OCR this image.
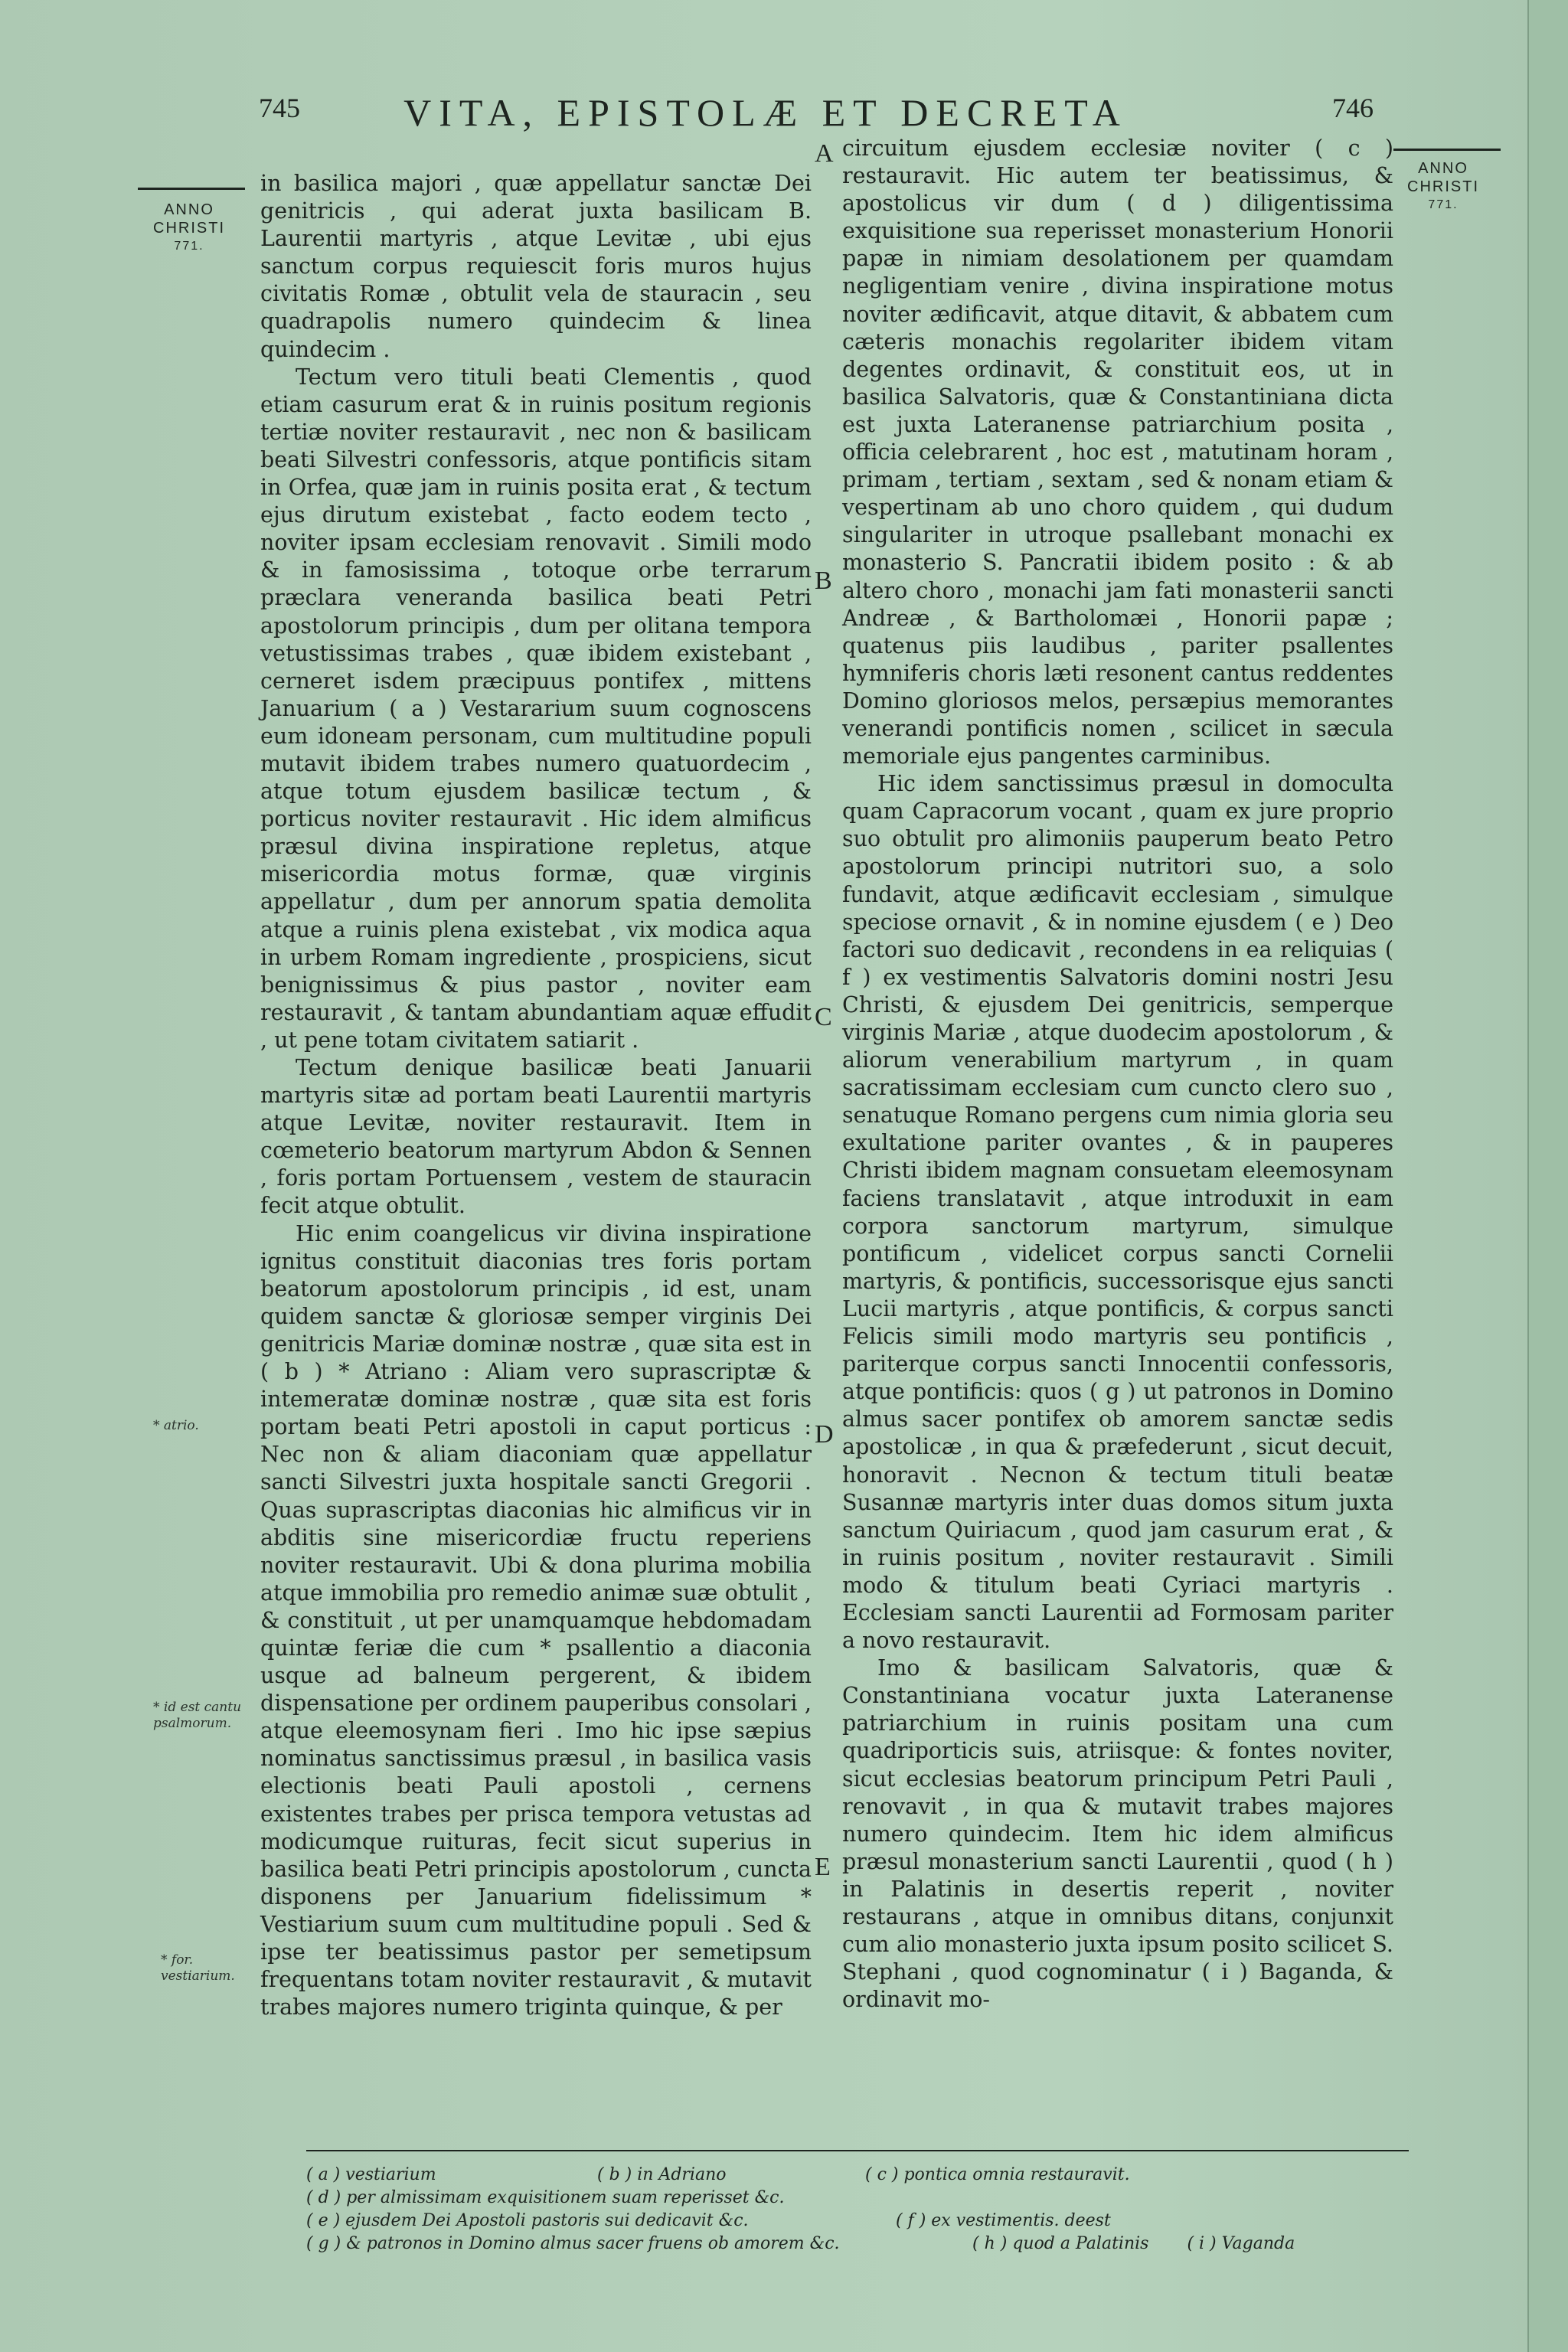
745	VITA, EPISTOLÆ ET DECRETA	746
ANNO
CHRISTI
771.
ANNO
CHRISTI
771.

in basilica majori , quæ appellatur sanctæ Dei genitricis , qui aderat juxta basilicam B. Laurentii martyris , atque Levitæ , ubi ejus sanctum corpus requiescit foris muros hujus civitatis Romæ , obtulit vela de stauracin , seu quadrapolis numero quindecim & linea quindecim .

Tectum vero tituli beati Clementis , quod etiam casurum erat & in ruinis positum regionis tertiæ noviter restauravit , nec non & basilicam beati Silvestri confessoris, atque pontificis sitam in Orfea, quæ jam in ruinis posita erat , & tectum ejus dirutum existebat , facto eodem tecto , noviter ipsam ecclesiam renovavit . Simili modo & in famosissima , totoque orbe terrarum præclara veneranda basilica beati Petri apostolorum principis , dum per olitana tempora vetustissimas trabes , quæ ibidem existebant , cerneret isdem præcipuus pontifex , mittens Januarium ( a ) Vestararium suum cognoscens eum idoneam personam, cum multitudine populi mutavit ibidem trabes numero quatuordecim , atque totum ejusdem basilicæ tectum , & porticus noviter restauravit . Hic idem almificus præsul divina inspiratione repletus, atque misericordia motus formæ, quæ virginis appellatur , dum per annorum spatia demolita atque a ruinis plena existebat , vix modica aqua in urbem Romam ingrediente , prospiciens, sicut benignissimus & pius pastor , noviter eam restauravit , & tantam abundantiam aquæ effudit , ut pene totam civitatem satiarit .

Tectum denique basilicæ beati Januarii martyris sitæ ad portam beati Laurentii martyris atque Levitæ, noviter restauravit. Item in cœmeterio beatorum martyrum Abdon & Sennen , foris portam Portuensem , vestem de stauracin fecit atque obtulit.

Hic enim coangelicus vir divina inspiratione ignitus constituit diaconias tres foris portam beatorum apostolorum principis , id est, unam quidem sanctæ & gloriosæ semper virginis Dei genitricis Mariæ dominæ nostræ , quæ sita est in ( b ) * Atriano : Aliam vero suprascriptæ & intemeratæ dominæ nostræ , quæ sita est foris portam beati Petri apostoli in caput porticus : Nec non & aliam diaconiam quæ appellatur sancti Silvestri juxta hospitale sancti Gregorii . Quas suprascriptas diaconias hic almificus vir in abditis sine misericordiæ fructu reperiens noviter restauravit. Ubi & dona plurima mobilia atque immobilia pro remedio animæ suæ obtulit , & constituit , ut per unamquamque hebdomadam quintæ feriæ die cum * psallentio a diaconia usque ad balneum pergerent, & ibidem dispensatione per ordinem pauperibus consolari , atque eleemosynam fieri . Imo hic ipse sæpius nominatus sanctissimus præsul , in basilica vasis electionis beati Pauli apostoli , cernens existentes trabes per prisca tempora vetustas ad modicumque ruituras, fecit sicut superius in basilica beati Petri principis apostolorum , cuncta disponens per Januarium fidelissimum * Vestiarium suum cum multitudine populi . Sed & ipse ter beatissimus pastor per semetipsum frequentans totam noviter restauravit , & mutavit trabes majores numero triginta quinque, & per

circuitum ejusdem ecclesiæ noviter ( c ) restauravit. Hic autem ter beatissimus, & apostolicus vir dum ( d ) diligentissima exquisitione sua reperisset monasterium Honorii papæ in nimiam desolationem per quamdam negligentiam venire , divina inspiratione motus noviter ædificavit, atque ditavit, & abbatem cum cæteris monachis regolariter ibidem vitam degentes ordinavit, & constituit eos, ut in basilica Salvatoris, quæ & Constantiniana dicta est juxta Lateranense patriarchium posita , officia celebrarent , hoc est , matutinam horam , primam , tertiam , sextam , sed & nonam etiam & vespertinam ab uno choro quidem , qui dudum singulariter in utroque psallebant monachi ex monasterio S. Pancratii ibidem posito : & ab altero choro , monachi jam fati monasterii sancti Andreæ , & Bartholomæi , Honorii papæ ; quatenus piis laudibus , pariter psallentes hymniferis choris læti resonent cantus reddentes Domino gloriosos melos, persæpius memorantes venerandi pontificis nomen , scilicet in sæcula memoriale ejus pangentes carminibus.

Hic idem sanctissimus præsul in domoculta quam Capracorum vocant , quam ex jure proprio suo obtulit pro alimoniis pauperum beato Petro apostolorum principi nutritori suo, a solo fundavit, atque ædificavit ecclesiam , simulque speciose ornavit , & in nomine ejusdem ( e ) Deo factori suo dedicavit , recondens in ea reliquias ( f ) ex vestimentis Salvatoris domini nostri Jesu Christi, & ejusdem Dei genitricis, semperque virginis Mariæ , atque duodecim apostolorum , & aliorum venerabilium martyrum , in quam sacratissimam ecclesiam cum cuncto clero suo , senatuque Romano pergens cum nimia gloria seu exultatione pariter ovantes , & in pauperes Christi ibidem magnam consuetam eleemosynam faciens translatavit , atque introduxit in eam corpora sanctorum martyrum, simulque pontificum , videlicet corpus sancti Cornelii martyris, & pontificis, successorisque ejus sancti Lucii martyris , atque pontificis, & corpus sancti Felicis simili modo martyris seu pontificis , pariterque corpus sancti Innocentii confessoris, atque pontificis: quos ( g ) ut patronos in Domino almus sacer pontifex ob amorem sanctæ sedis apostolicæ , in qua & præfederunt , sicut decuit, honoravit . Necnon & tectum tituli beatæ Susannæ martyris inter duas domos situm juxta sanctum Quiriacum , quod jam casurum erat , & in ruinis positum , noviter restauravit . Simili modo & titulum beati Cyriaci martyris . Ecclesiam sancti Laurentii ad Formosam pariter a novo restauravit.

Imo & basilicam Salvatoris, quæ & Constantiniana vocatur juxta Lateranense patriarchium in ruinis positam una cum quadriporticis suis, atriisque: & fontes noviter, sicut ecclesias beatorum principum Petri Pauli , renovavit , in qua & mutavit trabes majores numero quindecim. Item hic idem almificus præsul monasterium sancti Laurentii , quod ( h ) in Palatinis in desertis reperit , noviter restaurans , atque in omnibus ditans, conjunxit cum alio monasterio juxta ipsum posito scilicet S. Stephani , quod cognominatur ( i ) Baganda, & ordinavit mo-

A
B
C
D
E
* atrio.
* id est cantu psalmorum.
* for. vestiarium.
( a ) vestiarium	( b ) in Adriano	( c ) pontica omnia restauravit.
( d ) per almissimam exquisitionem suam reperisset &c.
( e ) ejusdem Dei Apostoli pastoris sui dedicavit &c.	( f ) ex vestimentis. deest
( g ) & patronos in Domino almus sacer fruens ob amorem &c.	( h ) quod a Palatinis ( i ) Vaganda
